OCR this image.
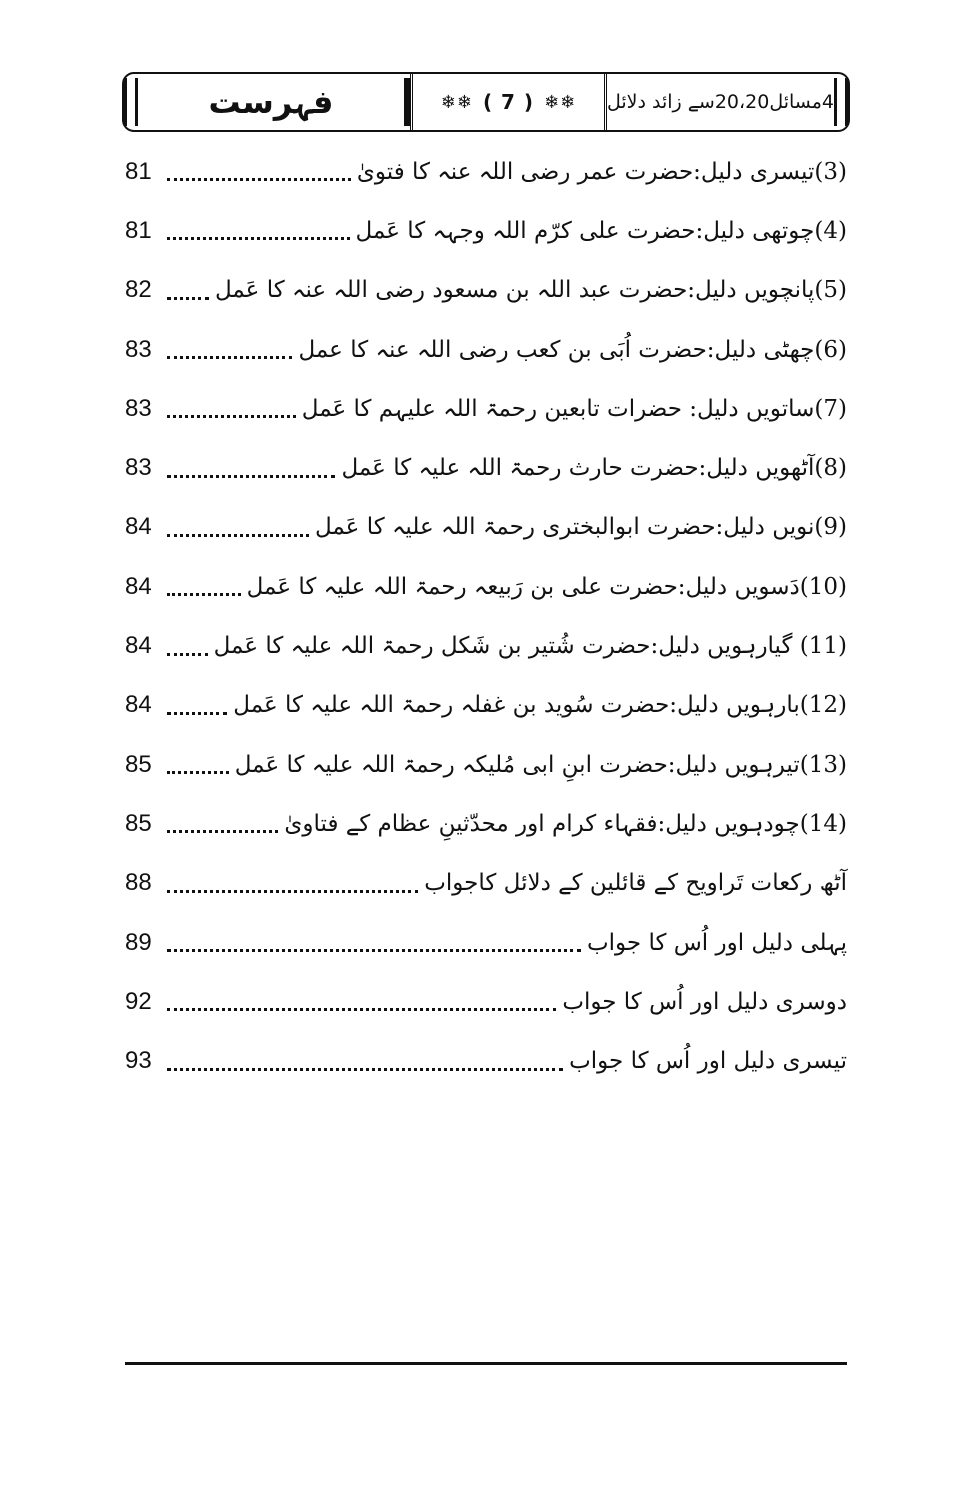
4مسائل20،20سے زائد دلائل
❄❄ ( 7 ) ❄❄
فہرست
(3)تیسری دلیل:حضرت عمر رضی اللہ عنہ کا فتویٰ
81
(4)چوتھی دلیل:حضرت علی کرّم اللہ وجہہ کا عَمل
81
(5)پانچویں دلیل:حضرت عبد اللہ بن مسعود رضی اللہ عنہ کا عَمل
82
(6)چھٹی دلیل:حضرت اُبَی بن کعب رضی اللہ عنہ کا عمل
83
(7)ساتویں دلیل: حضرات تابعین رحمۃ اللہ علیہم کا عَمل
83
(8)آٹھویں دلیل:حضرت حارث رحمۃ اللہ علیہ کا عَمل
83
(9)نویں دلیل:حضرت ابوالبختری رحمۃ اللہ علیہ کا عَمل
84
(10)دَسویں دلیل:حضرت علی بن رَبیعہ رحمۃ اللہ علیہ کا عَمل
84
(11) گیارہویں دلیل:حضرت شُتیر بن شَکل رحمۃ اللہ علیہ کا عَمل
84
(12)بارہویں دلیل:حضرت سُوید بن غفلہ رحمۃ اللہ علیہ کا عَمل
84
(13)تیرہویں دلیل:حضرت ابنِ ابی مُلیکہ رحمۃ اللہ علیہ کا عَمل
85
(14)چودہویں دلیل:فقہاء کرام اور محدّثینِ عظام کے فتاویٰ
85
آٹھ رکعات تَراویح کے قائلین کے دلائل کاجواب
88
پہلی دلیل اور اُس کا جواب
89
دوسری دلیل اور اُس کا جواب
92
تیسری دلیل اور اُس کا جواب
93
